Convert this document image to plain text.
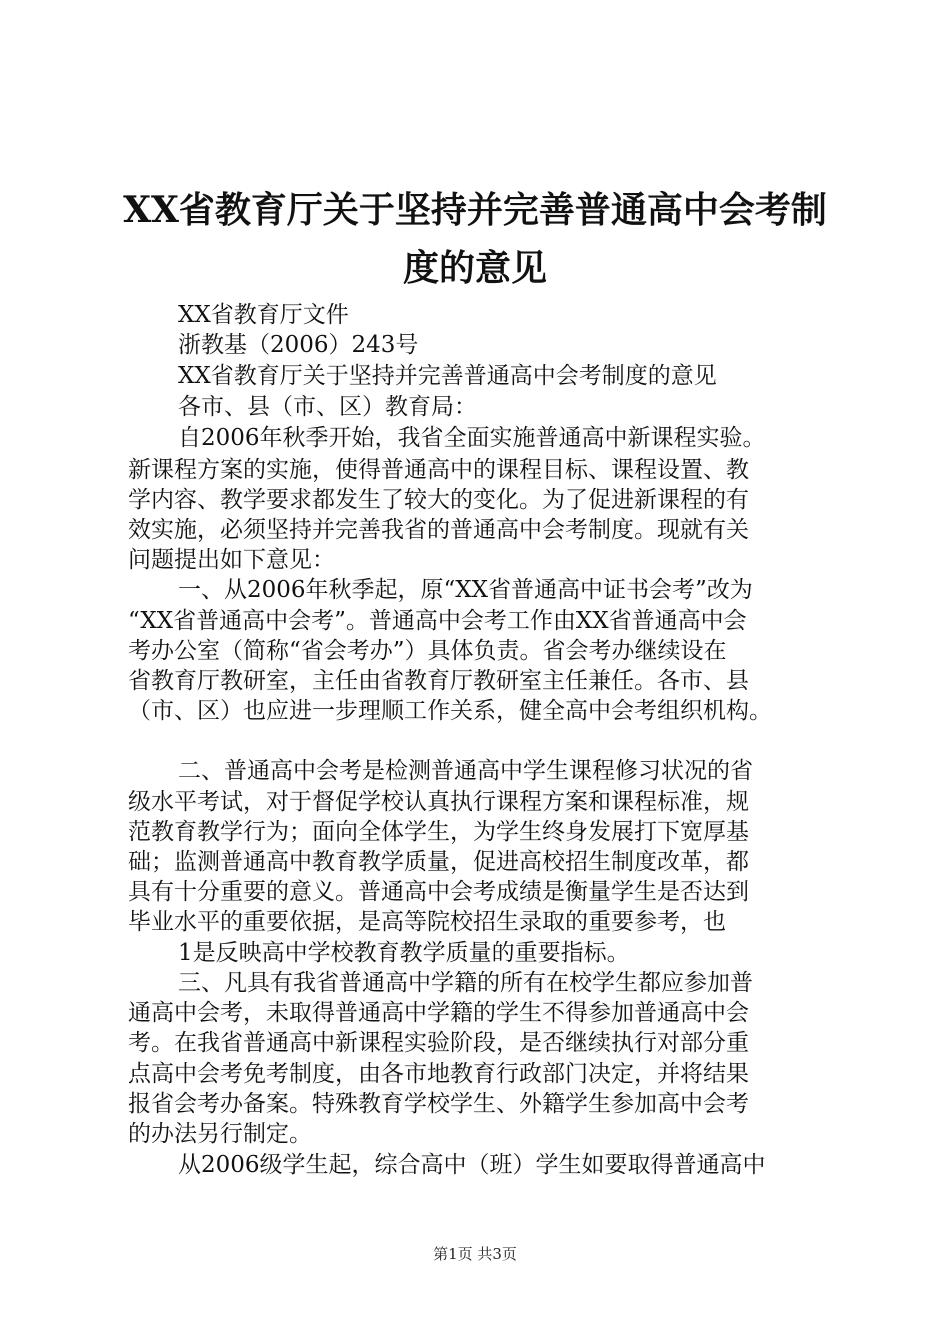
XX省教育厅关于坚持并完善普通高中会考制
度的意见
XX省教育厅文件
浙教基（2006）243号
XX省教育厅关于坚持并完善普通高中会考制度的意见
各市、县（市、区）教育局：
自2006年秋季开始，我省全面实施普通高中新课程实验。
新课程方案的实施，使得普通高中的课程目标、课程设置、教
学内容、教学要求都发生了较大的变化。为了促进新课程的有
效实施，必须坚持并完善我省的普通高中会考制度。现就有关
问题提出如下意见：
一、从2006年秋季起，原“XX省普通高中证书会考”改为
“XX省普通高中会考”。普通高中会考工作由XX省普通高中会
考办公室（简称“省会考办”）具体负责。省会考办继续设在
省教育厅教研室，主任由省教育厅教研室主任兼任。各市、县
（市、区）也应进一步理顺工作关系，健全高中会考组织机构。
二、普通高中会考是检测普通高中学生课程修习状况的省
级水平考试，对于督促学校认真执行课程方案和课程标准，规
范教育教学行为；面向全体学生，为学生终身发展打下宽厚基
础；监测普通高中教育教学质量，促进高校招生制度改革，都
具有十分重要的意义。普通高中会考成绩是衡量学生是否达到
毕业水平的重要依据，是高等院校招生录取的重要参考，也
1是反映高中学校教育教学质量的重要指标。
三、凡具有我省普通高中学籍的所有在校学生都应参加普
通高中会考，未取得普通高中学籍的学生不得参加普通高中会
考。在我省普通高中新课程实验阶段，是否继续执行对部分重
点高中会考免考制度，由各市地教育行政部门决定，并将结果
报省会考办备案。特殊教育学校学生、外籍学生参加高中会考
的办法另行制定。
从2006级学生起，综合高中（班）学生如要取得普通高中
第1页 共3页
